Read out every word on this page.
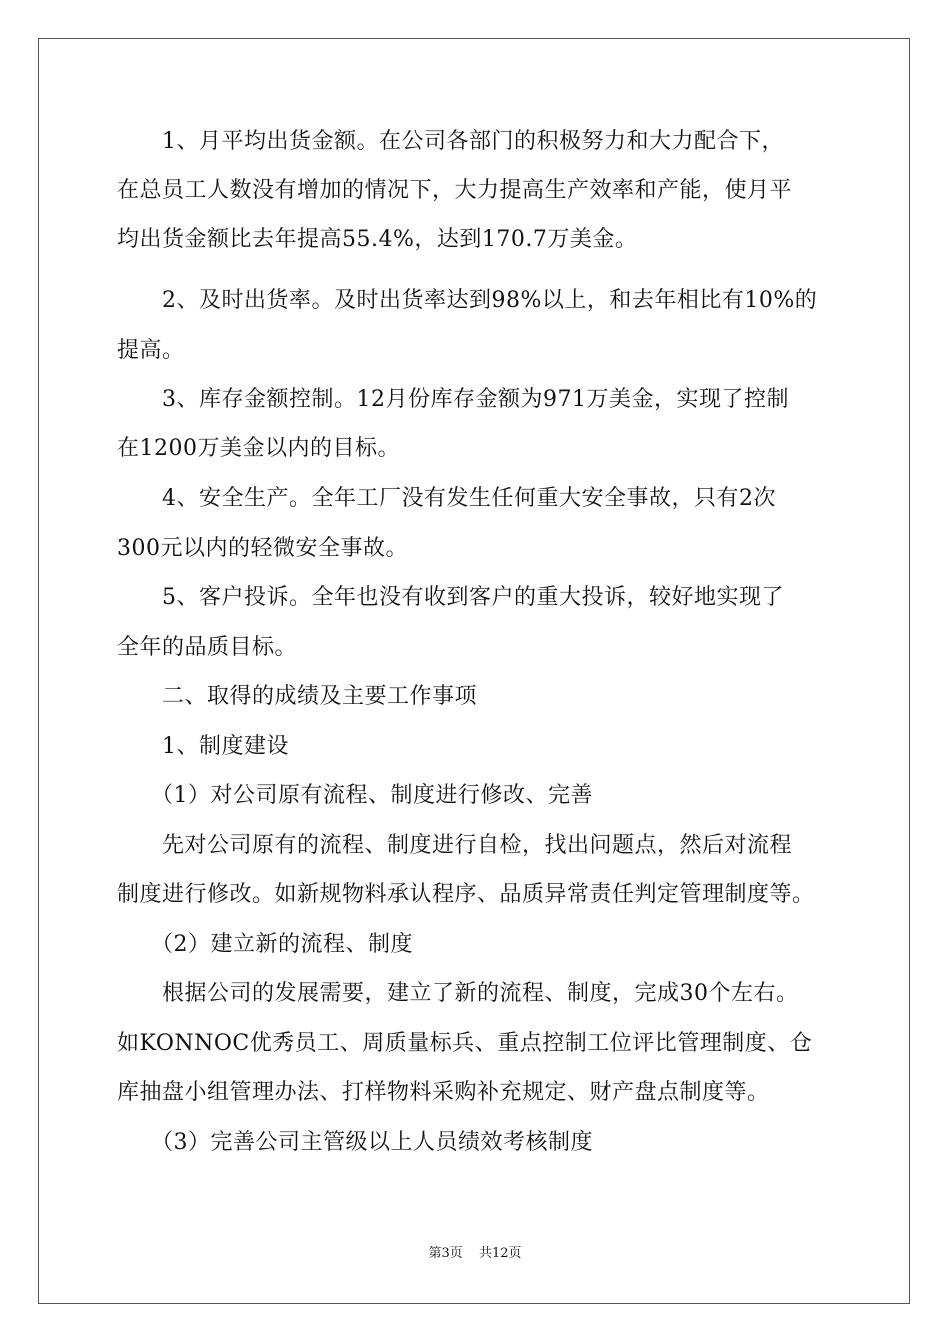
　　1、月平均出货金额。在公司各部门的积极努力和大力配合下，
在总员工人数没有增加的情况下，大力提高生产效率和产能，使月平
均出货金额比去年提高55.4%，达到170.7万美金。
　　2、及时出货率。及时出货率达到98%以上，和去年相比有10%的
提高。
　　3、库存金额控制。12月份库存金额为971万美金，实现了控制
在1200万美金以内的目标。
　　4、安全生产。全年工厂没有发生任何重大安全事故，只有2次
300元以内的轻微安全事故。
　　5、客户投诉。全年也没有收到客户的重大投诉，较好地实现了
全年的品质目标。
　　二、取得的成绩及主要工作事项
　　1、制度建设
　　（1）对公司原有流程、制度进行修改、完善
　　先对公司原有的流程、制度进行自检，找出问题点，然后对流程
制度进行修改。如新规物料承认程序、品质异常责任判定管理制度等。
　　（2）建立新的流程、制度
　　根据公司的发展需要，建立了新的流程、制度，完成30个左右。
如KONNOC优秀员工、周质量标兵、重点控制工位评比管理制度、仓
库抽盘小组管理办法、打样物料采购补充规定、财产盘点制度等。
　　（3）完善公司主管级以上人员绩效考核制度
第3页 共12页
